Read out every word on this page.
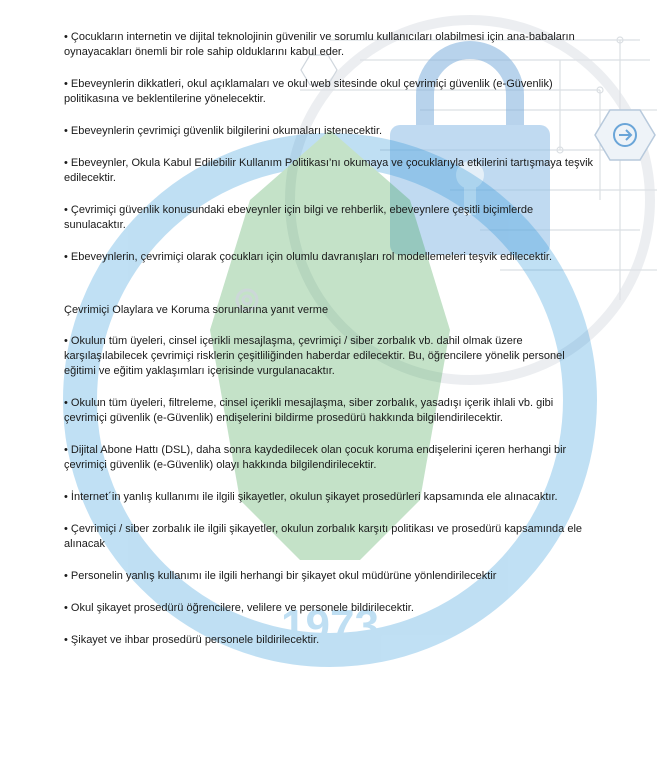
1973

• Çocukların internetin ve dijital teknolojinin güvenilir ve sorumlu kullanıcıları olabilmesi için ana-babaların oynayacakları önemli bir role sahip olduklarını kabul eder.

• Ebeveynlerin dikkatleri, okul açıklamaları ve okul web sitesinde okul çevrimiçi güvenlik (e-Güvenlik) politikasına ve beklentilerine yönelecektir.

• Ebeveynlerin çevrimiçi güvenlik bilgilerini okumaları istenecektir.

• Ebeveynler, Okula Kabul Edilebilir Kullanım Politikası’nı okumaya ve çocuklarıyla etkilerini tartışmaya teşvik edilecektir.

• Çevrimiçi güvenlik konusundaki ebeveynler için bilgi ve rehberlik, ebeveynlere çeşitli biçimlerde sunulacaktır.

• Ebeveynlerin, çevrimiçi olarak çocukları için olumlu davranışları rol modellemeleri teşvik edilecektir.

Çevrimiçi Olaylara ve Koruma sorunlarına yanıt verme

• Okulun tüm üyeleri, cinsel içerikli mesajlaşma, çevrimiçi / siber zorbalık vb. dahil olmak üzere karşılaşılabilecek çevrimiçi risklerin çeşitliliğinden haberdar edilecektir. Bu, öğrencilere yönelik personel eğitimi ve eğitim yaklaşımları içerisinde vurgulanacaktır.

• Okulun tüm üyeleri, filtreleme, cinsel içerikli mesajlaşma, siber zorbalık, yasadışı içerik ihlali vb. gibi çevrimiçi güvenlik (e-Güvenlik) endişelerini bildirme prosedürü hakkında bilgilendirilecektir.

• Dijital Abone Hattı (DSL), daha sonra kaydedilecek olan çocuk koruma endişelerini içeren herhangi bir çevrimiçi güvenlik (e-Güvenlik) olayı hakkında bilgilendirilecektir.

• İnternet´in yanlış kullanımı ile ilgili şikayetler, okulun şikayet prosedürleri kapsamında ele alınacaktır.

• Çevrimiçi / siber zorbalık ile ilgili şikayetler, okulun zorbalık karşıtı politikası ve prosedürü kapsamında ele alınacak

• Personelin yanlış kullanımı ile ilgili herhangi bir şikayet okul müdürüne yönlendirilecektir

• Okul şikayet prosedürü öğrencilere, velilere ve personele bildirilecektir.

• Şikayet ve ihbar prosedürü personele bildirilecektir.
